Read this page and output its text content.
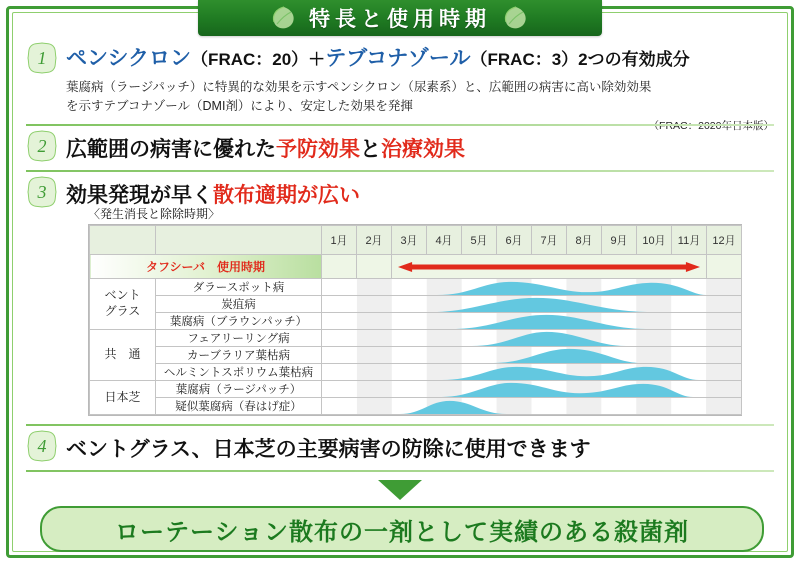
特長と使用時期
1 ペンシクロン（FRAC：20）＋テブコナゾール（FRAC：3）2つの有効成分
葉腐病（ラージパッチ）に特異的な効果を示すペンシクロン（尿素系）と、広範囲の病害に高い除効効果
を示すテブコナゾール（DMI剤）により、安定した効果を発揮
2 広範囲の病害に優れた予防効果と治療効果
3 効果発現が早く散布適期が広い
〈発生消長と除除時期〉
		1月	2月	3月	4月	5月	6月	7月	8月	9月	10月	11月	12月
タフシーバ　使用時期			

ベント
グラス	ダラースポット病	

	炭疽病	

	葉腐病（ブラウンパッチ）	

共　通	フェアリーリング病	

	カーブラリア葉枯病	

	ヘルミントスポリウム葉枯病	

日本芝	葉腐病（ラージパッチ）	

	疑似葉腐病（春はげ症）	
4 ベントグラス、日本芝の主要病害の防除に使用できます
ローテーション散布の一剤として実績のある殺菌剤
